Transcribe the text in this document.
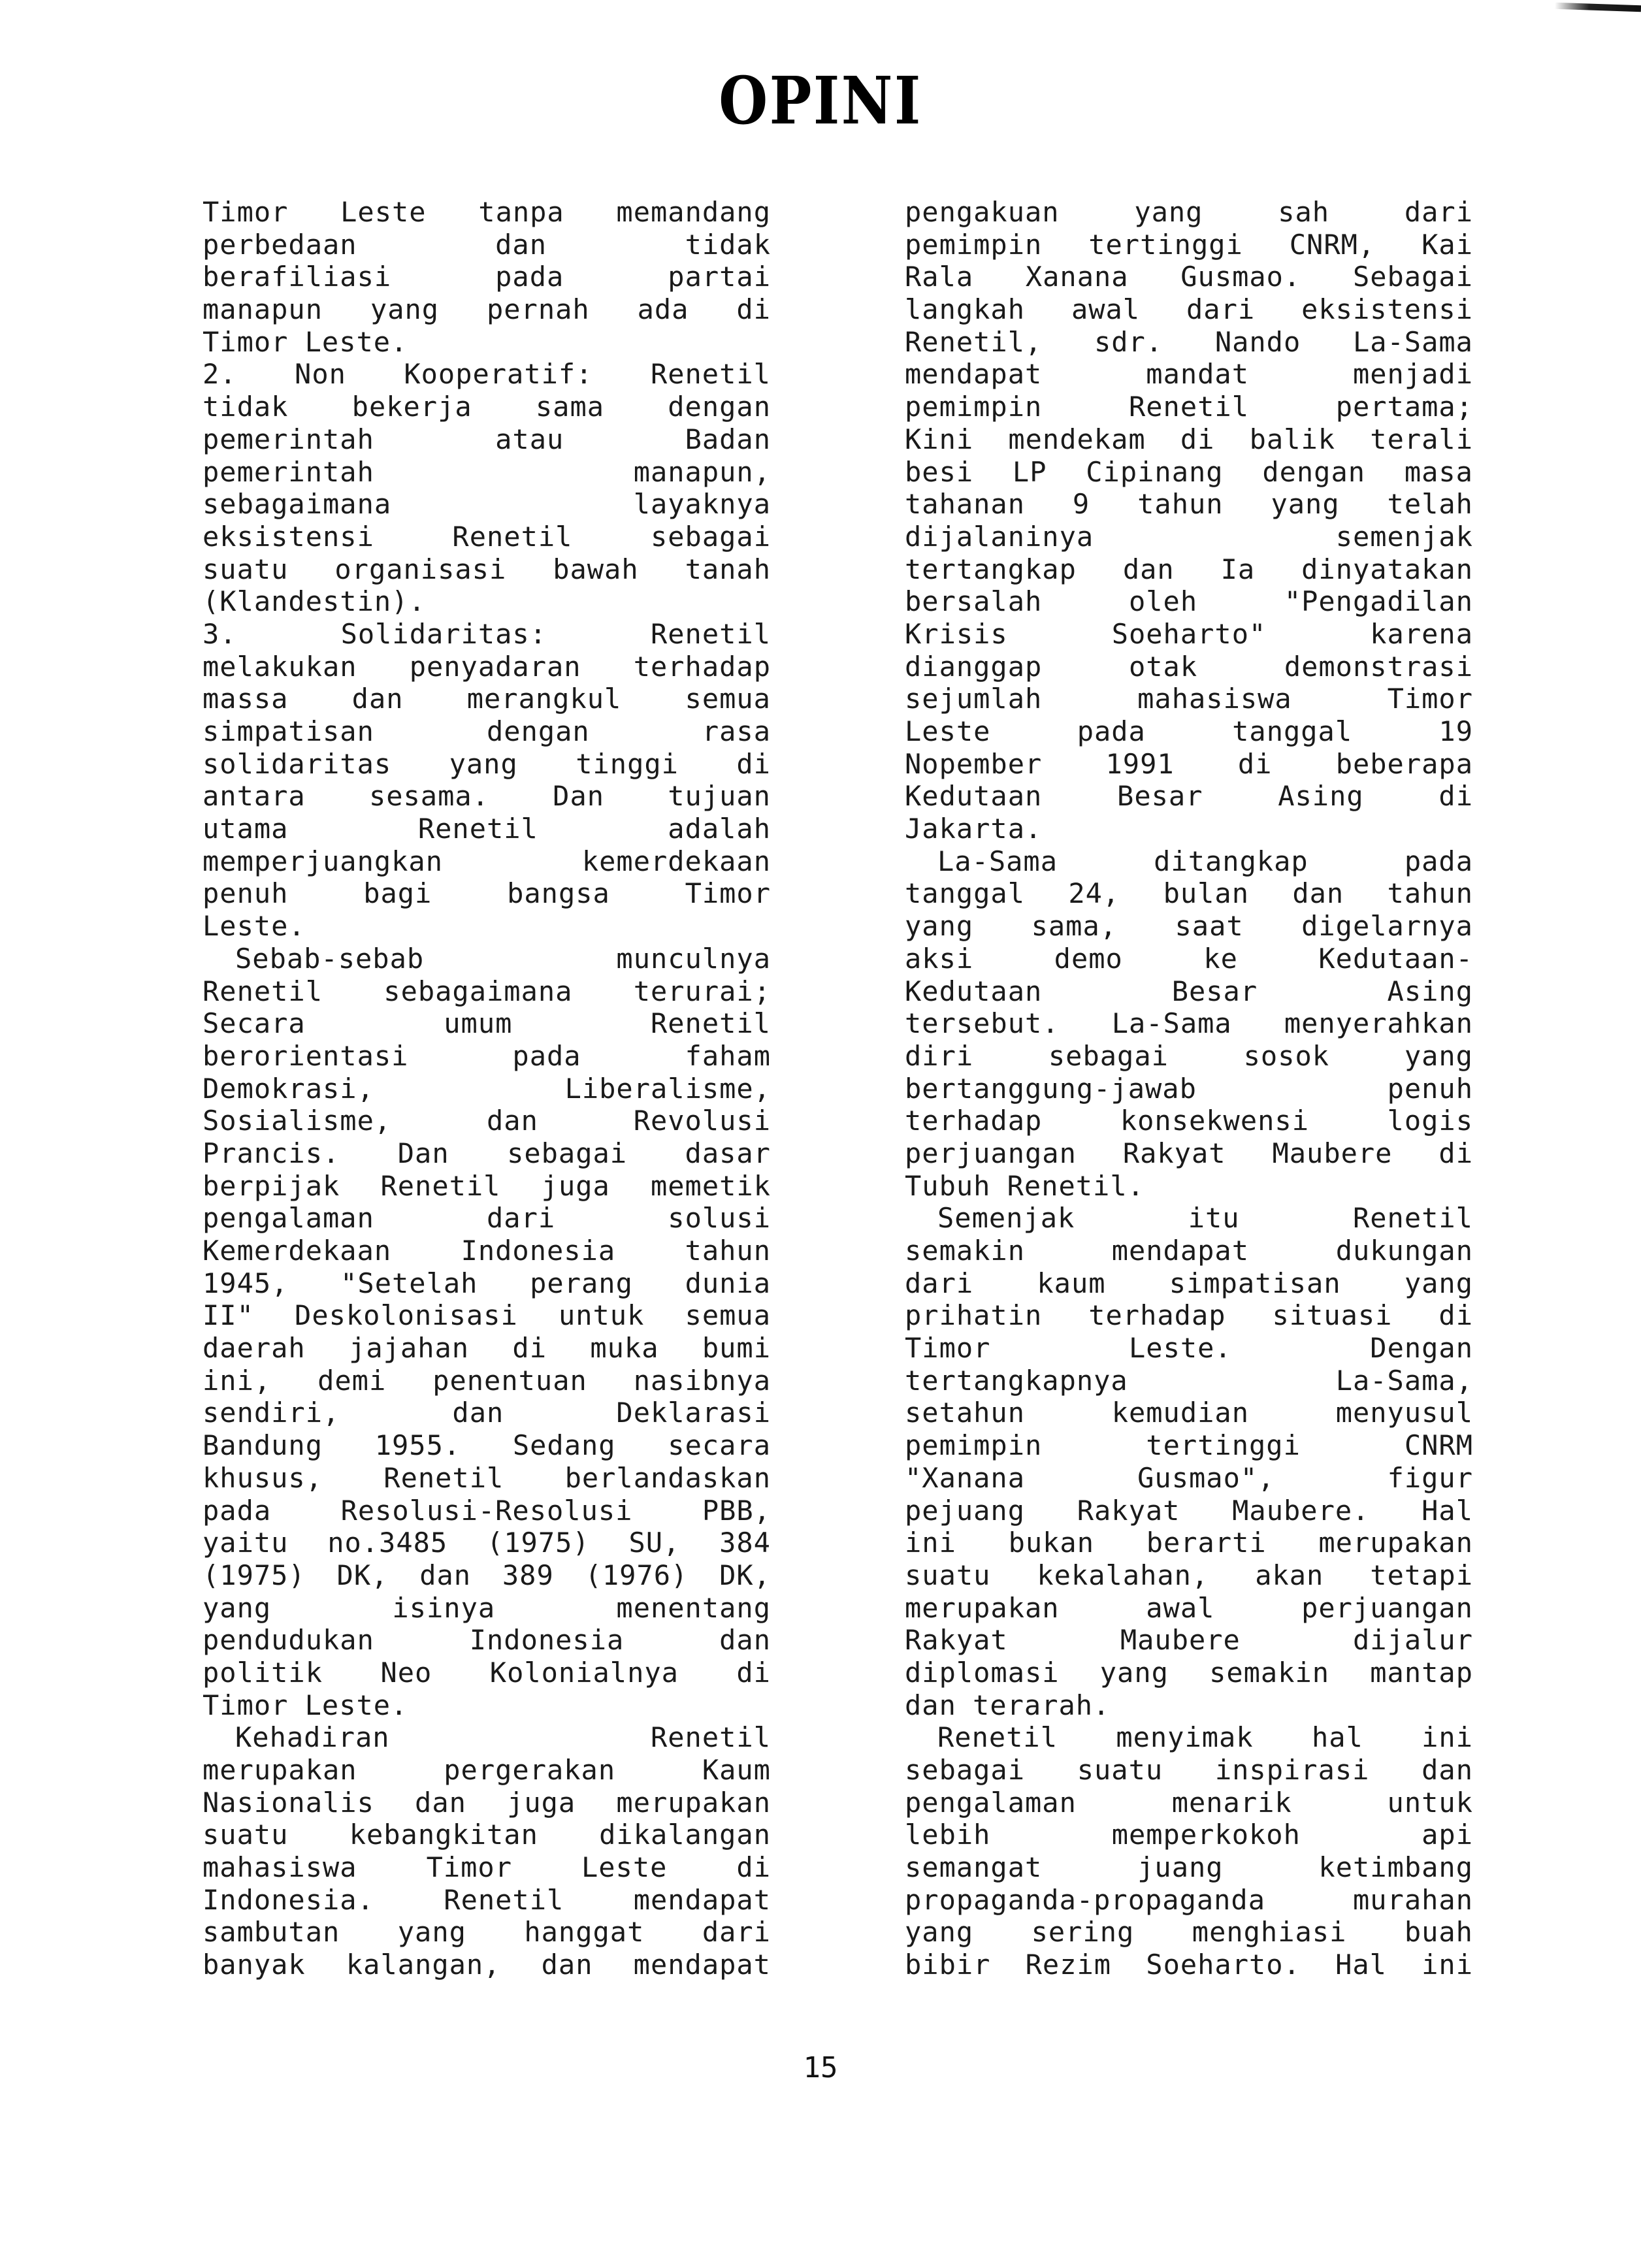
OPINI
Timor Leste tanpa memandang
perbedaan	dan	tidak
berafiliasi	pada	partai
manapun yang pernah ada di
Timor Leste.
2. Non Kooperatif: Renetil
tidak bekerja sama dengan
pemerintah	atau	Badan
pemerintah	manapun,
sebagaimana	layaknya
eksistensi	Renetil	sebagai
suatu organisasi bawah tanah
(Klandestin).
3.	Solidaritas:	Renetil
melakukan penyadaran terhadap
massa dan merangkul semua
simpatisan	dengan	rasa
solidaritas yang tinggi di
antara sesama. Dan tujuan
utama	Renetil	adalah
memperjuangkan	kemerdekaan
penuh	bagi	bangsa	Timor
Leste.
Sebab-sebab	munculnya
Renetil sebagaimana terurai;
Secara	umum	Renetil
berorientasi	pada	faham
Demokrasi,	Liberalisme,
Sosialisme,	dan	Revolusi
Prancis. Dan sebagai dasar
berpijak Renetil juga memetik
pengalaman	dari	solusi
Kemerdekaan	Indonesia	tahun
1945, "Setelah perang dunia
II" Deskolonisasi untuk semua
daerah jajahan di muka bumi
ini, demi penentuan nasibnya
sendiri,	dan	Deklarasi
Bandung 1955. Sedang secara
khusus, Renetil berlandaskan
pada	Resolusi-Resolusi	PBB,
yaitu no.3485 (1975) SU, 384
(1975) DK, dan 389 (1976) DK,
yang	isinya	menentang
pendudukan	Indonesia	dan
politik Neo Kolonialnya di
Timor Leste.
Kehadiran	Renetil
merupakan	pergerakan	Kaum
Nasionalis dan juga merupakan
suatu kebangkitan dikalangan
mahasiswa	Timor	Leste	di
Indonesia.	Renetil	mendapat
sambutan yang hanggat dari
banyak kalangan, dan mendapat
pengakuan	yang	sah	dari
pemimpin tertinggi CNRM, Kai
Rala Xanana Gusmao. Sebagai
langkah awal dari eksistensi
Renetil, sdr. Nando La-Sama
mendapat	mandat	menjadi
pemimpin	Renetil	pertama;
Kini mendekam di balik terali
besi LP Cipinang dengan masa
tahanan 9 tahun yang telah
dijalaninya	semenjak
tertangkap dan Ia dinyatakan
bersalah	oleh	"Pengadilan
Krisis	Soeharto"	karena
dianggap	otak	demonstrasi
sejumlah	mahasiswa	Timor
Leste	pada	tanggal	19
Nopember 1991 di beberapa
Kedutaan	Besar	Asing	di
Jakarta.
La-Sama	ditangkap	pada
tanggal 24, bulan dan tahun
yang sama, saat digelarnya
aksi	demo	ke	Kedutaan-
Kedutaan	Besar	Asing
tersebut. La-Sama menyerahkan
diri	sebagai	sosok	yang
bertanggung-jawab	penuh
terhadap	konsekwensi	logis
perjuangan Rakyat Maubere di
Tubuh Renetil.
Semenjak	itu	Renetil
semakin	mendapat	dukungan
dari kaum simpatisan yang
prihatin terhadap situasi di
Timor	Leste.	Dengan
tertangkapnya	La-Sama,
setahun	kemudian	menyusul
pemimpin	tertinggi	CNRM
"Xanana	Gusmao",	figur
pejuang Rakyat Maubere. Hal
ini bukan berarti merupakan
suatu kekalahan, akan tetapi
merupakan	awal	perjuangan
Rakyat	Maubere	dijalur
diplomasi yang semakin mantap
dan terarah.
Renetil menyimak hal ini
sebagai suatu inspirasi dan
pengalaman	menarik	untuk
lebih	memperkokoh	api
semangat	juang	ketimbang
propaganda-propaganda	murahan
yang sering menghiasi buah
bibir Rezim Soeharto. Hal ini
15
